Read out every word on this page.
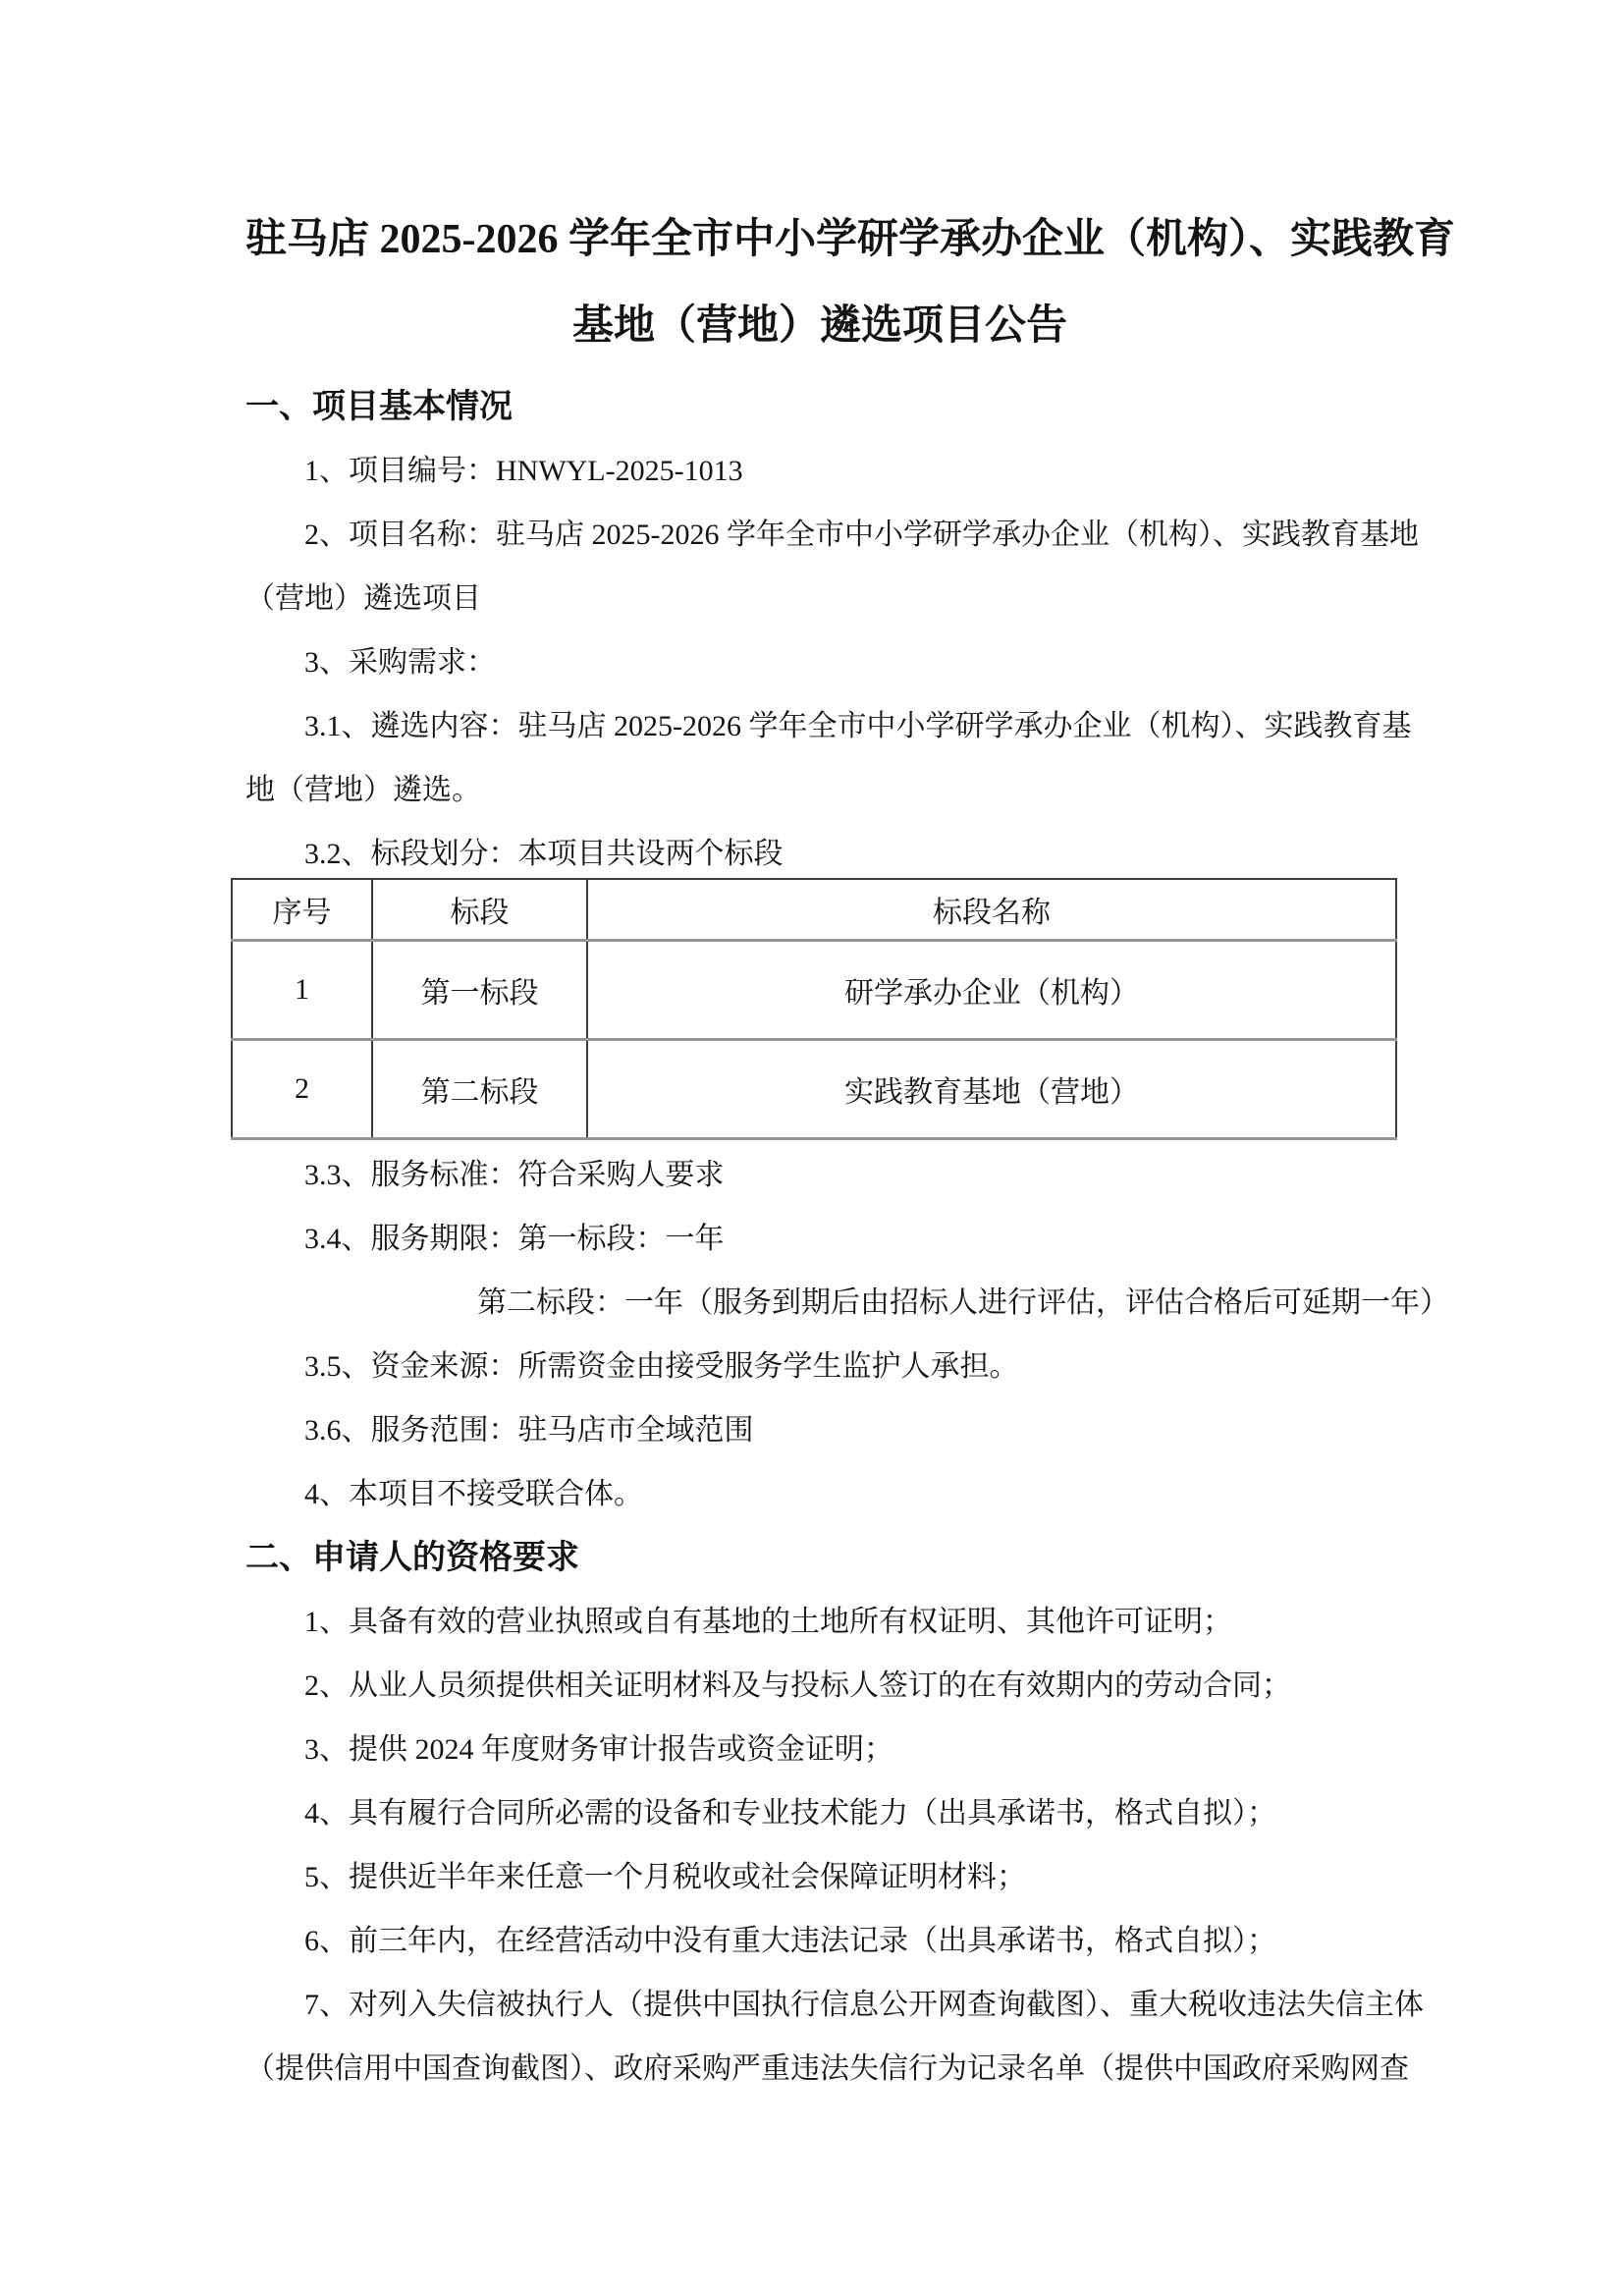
驻马店 2025-2026 学年全市中小学研学承办企业（机构）、实践教育

基地（营地）遴选项目公告

一、项目基本情况

1、项目编号：HNWYL-2025-1013

2、项目名称：驻马店 2025-2026 学年全市中小学研学承办企业（机构）、实践教育基地

（营地）遴选项目

3、采购需求：

3.1、遴选内容：驻马店 2025-2026 学年全市中小学研学承办企业（机构）、实践教育基

地（营地）遴选。

3.2、标段划分：本项目共设两个标段

序号	标段	标段名称
1	第一标段	研学承办企业（机构）
2	第二标段	实践教育基地（营地）

3.3、服务标准：符合采购人要求

3.4、服务期限：第一标段：一年

第二标段：一年（服务到期后由招标人进行评估，评估合格后可延期一年）

3.5、资金来源：所需资金由接受服务学生监护人承担。

3.6、服务范围：驻马店市全域范围

4、本项目不接受联合体。

二、申请人的资格要求

1、具备有效的营业执照或自有基地的土地所有权证明、其他许可证明；

2、从业人员须提供相关证明材料及与投标人签订的在有效期内的劳动合同；

3、提供 2024 年度财务审计报告或资金证明；

4、具有履行合同所必需的设备和专业技术能力（出具承诺书，格式自拟）；

5、提供近半年来任意一个月税收或社会保障证明材料；

6、前三年内，在经营活动中没有重大违法记录（出具承诺书，格式自拟）；

7、对列入失信被执行人（提供中国执行信息公开网查询截图）、重大税收违法失信主体

（提供信用中国查询截图）、政府采购严重违法失信行为记录名单（提供中国政府采购网查
